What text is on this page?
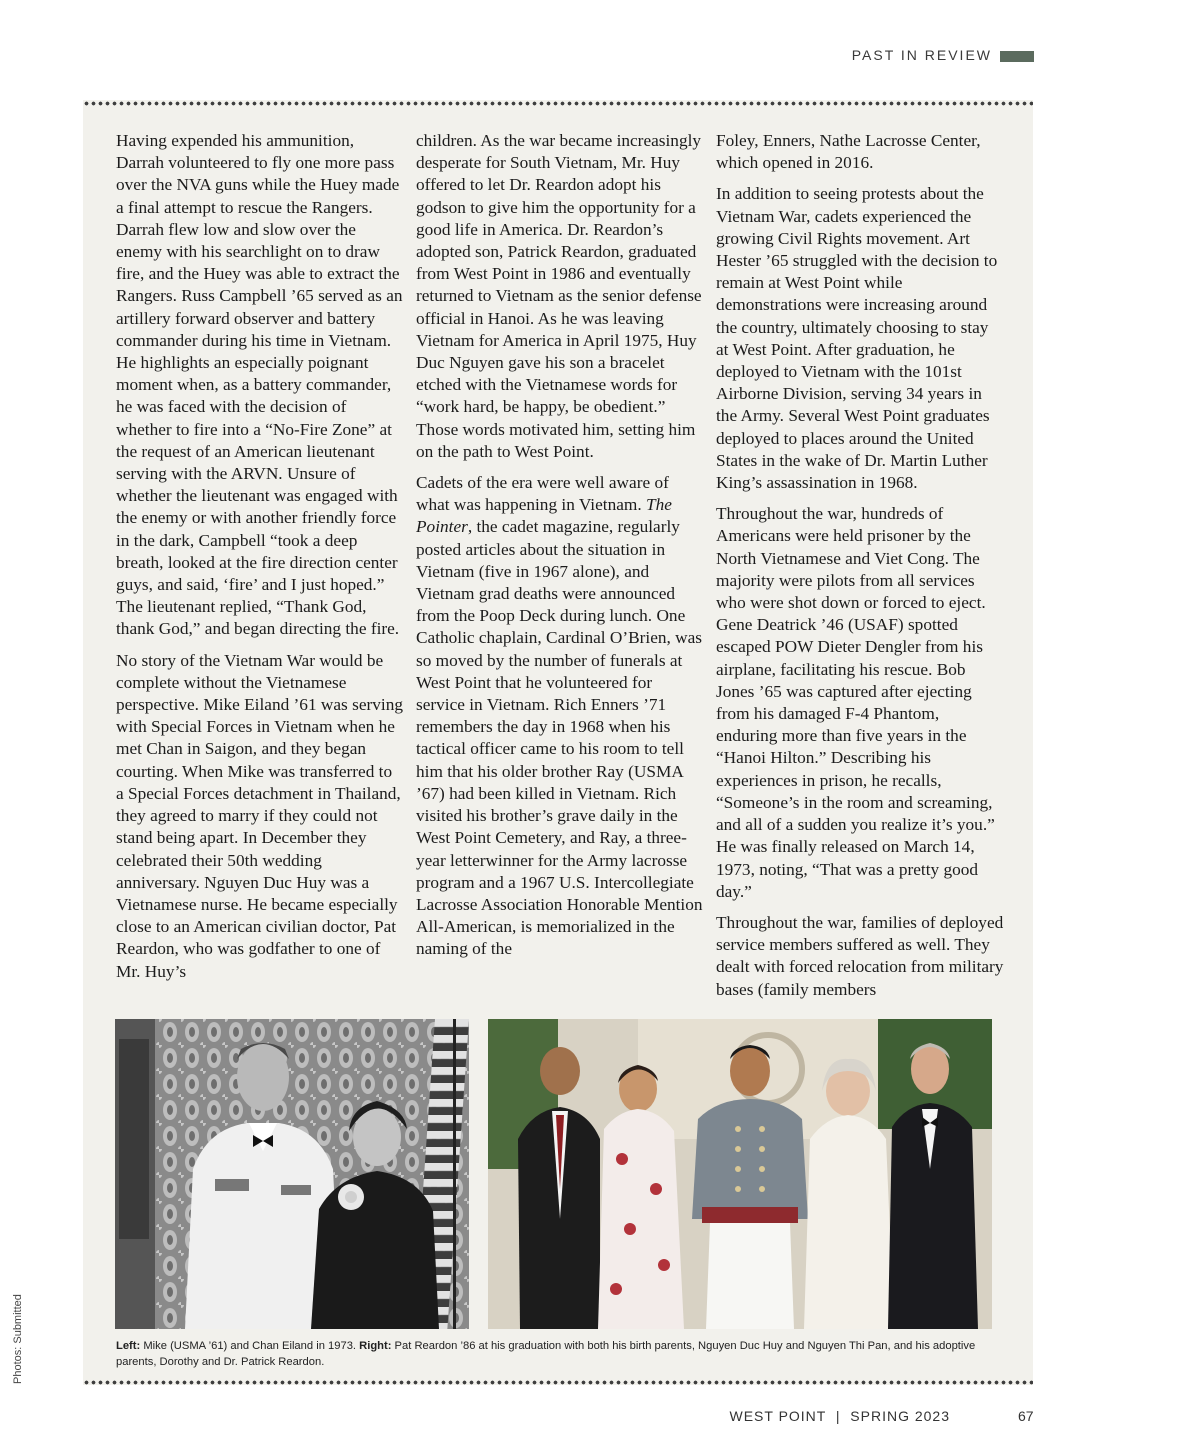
PAST IN REVIEW

Having expended his ammunition, Darrah volunteered to fly one more pass over the NVA guns while the Huey made a final attempt to rescue the Rangers. Darrah flew low and slow over the enemy with his searchlight on to draw fire, and the Huey was able to extract the Rangers. Russ Campbell ’65 served as an artillery forward observer and battery commander during his time in Vietnam. He highlights an especially poignant moment when, as a battery commander, he was faced with the decision of whether to fire into a “No-Fire Zone” at the request of an American lieutenant serving with the ARVN. Unsure of whether the lieutenant was engaged with the enemy or with another friendly force in the dark, Campbell “took a deep breath, looked at the fire direction center guys, and said, ‘fire’ and I just hoped.” The lieutenant replied, “Thank God, thank God,” and began directing the fire.

No story of the Vietnam War would be complete without the Vietnamese perspective. Mike Eiland ’61 was serving with Special Forces in Vietnam when he met Chan in Saigon, and they began courting. When Mike was transferred to a Special Forces detachment in Thailand, they agreed to marry if they could not stand being apart. In December they celebrated their 50th wedding anniversary. Nguyen Duc Huy was a Vietnamese nurse. He became especially close to an American civilian doctor, Pat Reardon, who was godfather to one of Mr. Huy’s

children. As the war became increasingly desperate for South Vietnam, Mr. Huy offered to let Dr. Reardon adopt his godson to give him the opportunity for a good life in America. Dr. Reardon’s adopted son, Patrick Reardon, graduated from West Point in 1986 and eventually returned to Vietnam as the senior defense official in Hanoi. As he was leaving Vietnam for America in April 1975, Huy Duc Nguyen gave his son a bracelet etched with the Vietnamese words for “work hard, be happy, be obedient.” Those words motivated him, setting him on the path to West Point.

Cadets of the era were well aware of what was happening in Vietnam. The Pointer, the cadet magazine, regularly posted articles about the situation in Vietnam (five in 1967 alone), and Vietnam grad deaths were announced from the Poop Deck during lunch. One Catholic chaplain, Cardinal O’Brien, was so moved by the number of funerals at West Point that he volunteered for service in Vietnam. Rich Enners ’71 remembers the day in 1968 when his tactical officer came to his room to tell him that his older brother Ray (USMA ’67) had been killed in Vietnam. Rich visited his brother’s grave daily in the West Point Cemetery, and Ray, a three-year letterwinner for the Army lacrosse program and a 1967 U.S. Intercollegiate Lacrosse Association Honorable Mention All-American, is memorialized in the naming of the

Foley, Enners, Nathe Lacrosse Center, which opened in 2016.

In addition to seeing protests about the Vietnam War, cadets experienced the growing Civil Rights movement. Art Hester ’65 struggled with the decision to remain at West Point while demonstrations were increasing around the country, ultimately choosing to stay at West Point. After graduation, he deployed to Vietnam with the 101st Airborne Division, serving 34 years in the Army. Several West Point graduates deployed to places around the United States in the wake of Dr. Martin Luther King’s assassination in 1968.

Throughout the war, hundreds of Americans were held prisoner by the North Vietnamese and Viet Cong. The majority were pilots from all services who were shot down or forced to eject. Gene Deatrick ’46 (USAF) spotted escaped POW Dieter Dengler from his airplane, facilitating his rescue. Bob Jones ’65 was captured after ejecting from his damaged F-4 Phantom, enduring more than five years in the “Hanoi Hilton.” Describing his experiences in prison, he recalls, “Someone’s in the room and screaming, and all of a sudden you realize it’s you.” He was finally released on March 14, 1973, noting, “That was a pretty good day.”

Throughout the war, families of deployed service members suffered as well. They dealt with forced relocation from military bases (family members

Left: Mike (USMA ’61) and Chan Eiland in 1973. Right: Pat Reardon ’86 at his graduation with both his birth parents, Nguyen Duc Huy and Nguyen Thi Pan, and his adoptive parents, Dorothy and Dr. Patrick Reardon.
Photos: Submitted
WEST POINT  |  SPRING 2023	67
